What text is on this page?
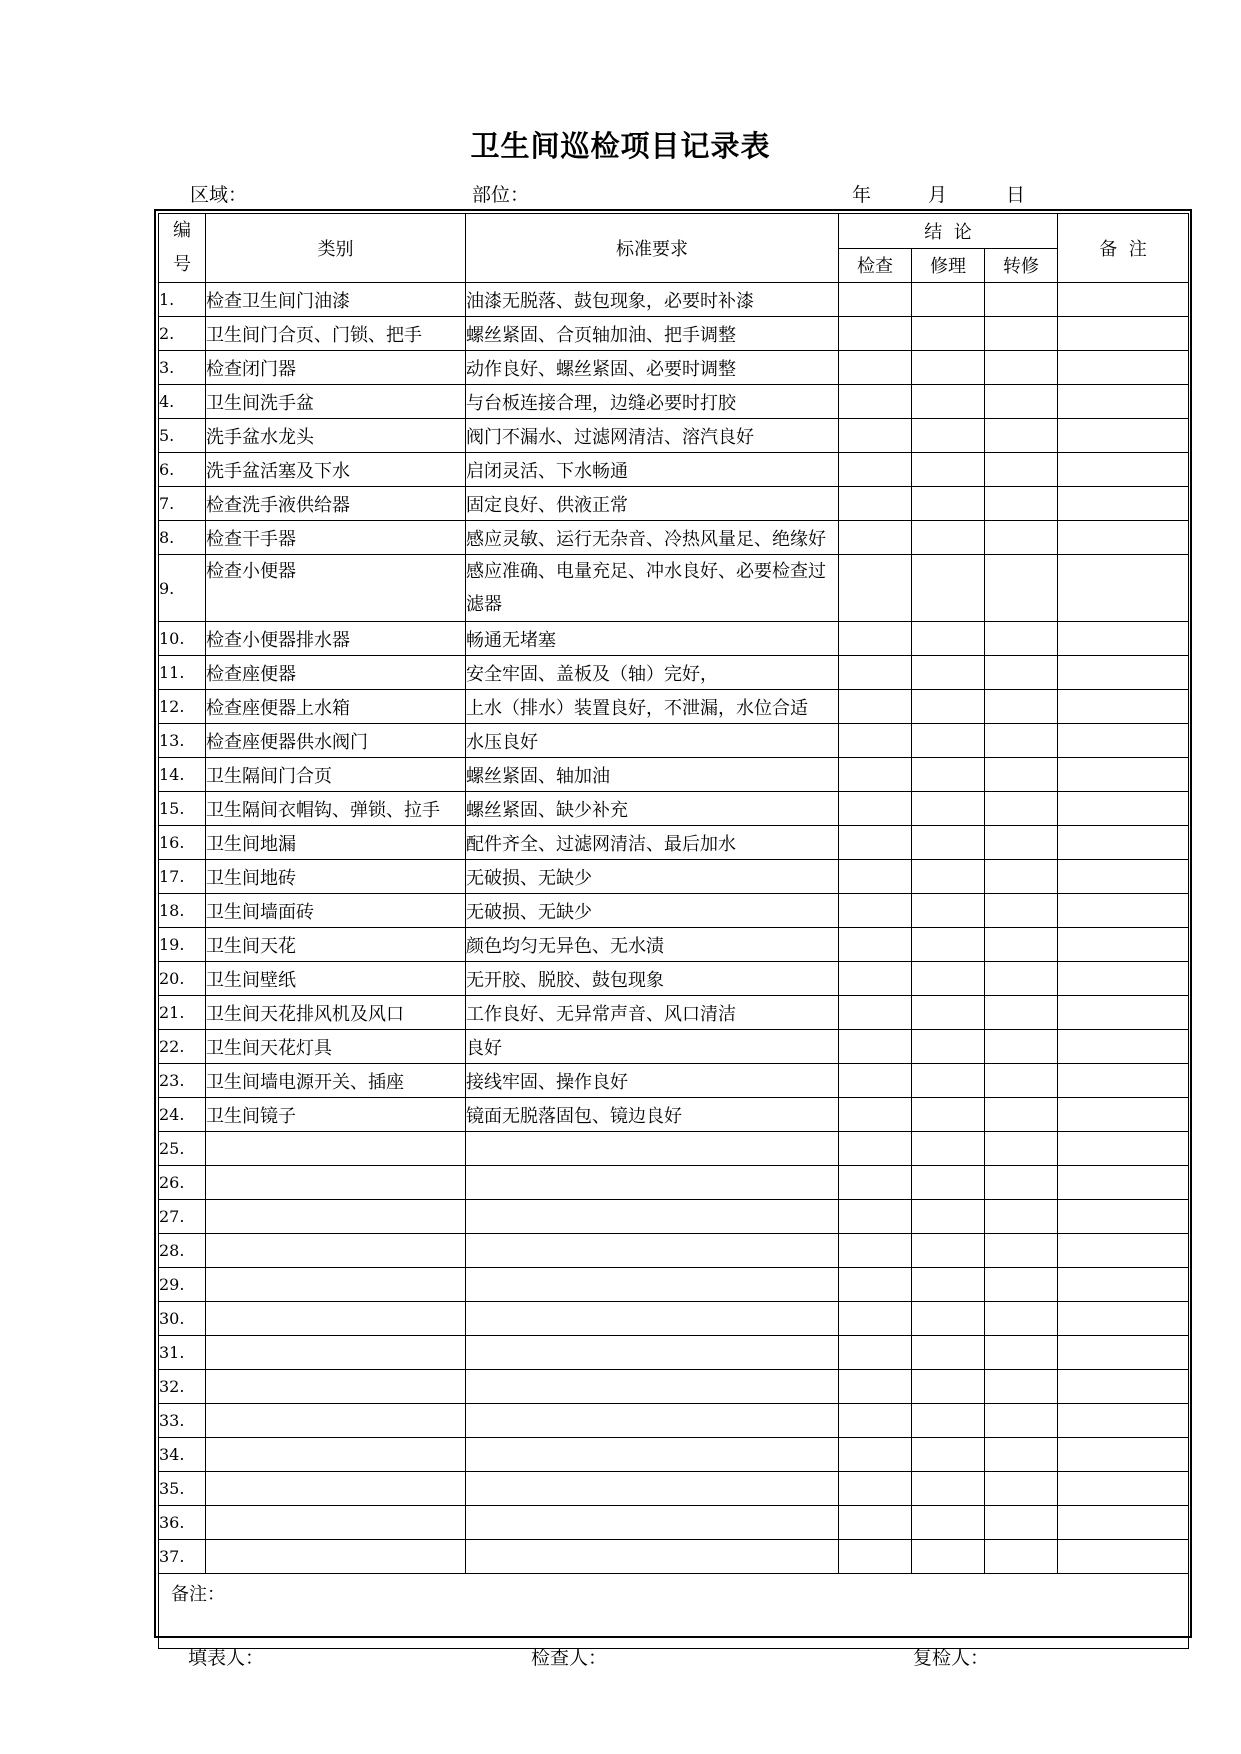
卫生间巡检项目记录表
区域：	部位：	年	月	日
编
号	类别	标准要求	结  论			备  注
			检查	修理	转修	
1.	检查卫生间门油漆	油漆无脱落、鼓包现象，必要时补漆				
2.	卫生间门合页、门锁、把手	螺丝紧固、合页轴加油、把手调整				
3.	检查闭门器	动作良好、螺丝紧固、必要时调整				
4.	卫生间洗手盆	与台板连接合理，边缝必要时打胶				
5.	洗手盆水龙头	阀门不漏水、过滤网清洁、溶汽良好				
6.	洗手盆活塞及下水	启闭灵活、下水畅通				
7.	检查洗手液供给器	固定良好、供液正常				
8.	检查干手器	感应灵敏、运行无杂音、冷热风量足、绝缘好				
9.	检查小便器	感应准确、电量充足、冲水良好、必要检查过滤器				
10.	检查小便器排水器	畅通无堵塞				
11.	检查座便器	安全牢固、盖板及（轴）完好，				
12.	检查座便器上水箱	上水（排水）装置良好，不泄漏，水位合适				
13.	检查座便器供水阀门	水压良好				
14.	卫生隔间门合页	螺丝紧固、轴加油				
15.	卫生隔间衣帽钩、弹锁、拉手	螺丝紧固、缺少补充				
16.	卫生间地漏	配件齐全、过滤网清洁、最后加水				
17.	卫生间地砖	无破损、无缺少				
18.	卫生间墙面砖	无破损、无缺少				
19.	卫生间天花	颜色均匀无异色、无水渍				
20.	卫生间壁纸	无开胶、脱胶、鼓包现象				
21.	卫生间天花排风机及风口	工作良好、无异常声音、风口清洁				
22.	卫生间天花灯具	良好				
23.	卫生间墙电源开关、插座	接线牢固、操作良好				
24.	卫生间镜子	镜面无脱落固包、镜边良好				
25.						
26.						
27.						
28.						
29.						
30.						
31.						
32.						
33.						
34.						
35.						
36.						
37.						
备注：						
填表人：	检查人：	复检人：
